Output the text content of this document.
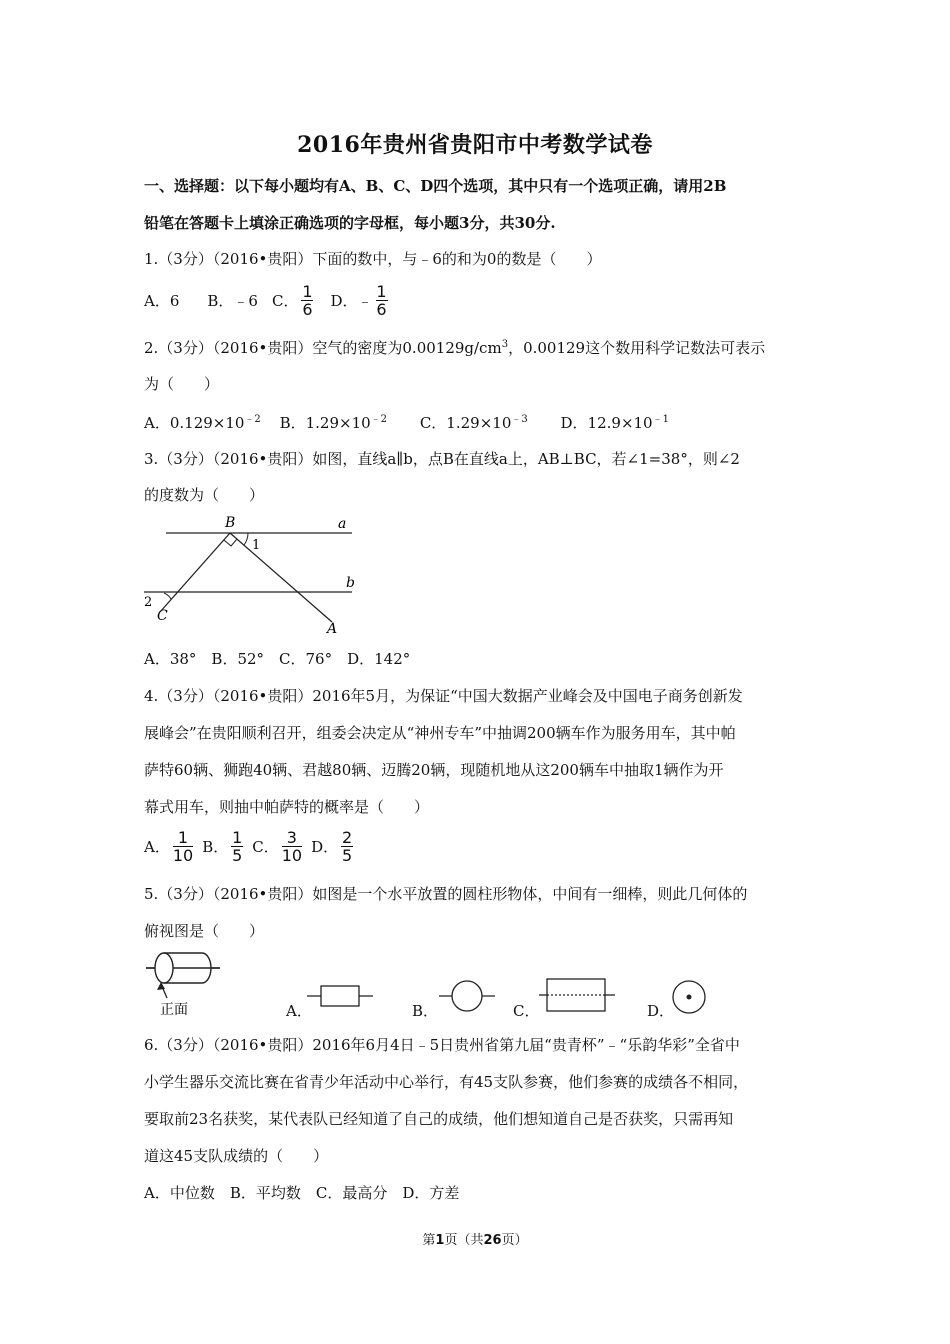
2016年贵州省贵阳市中考数学试卷
一、选择题：以下每小题均有A、B、C、D四个选项，其中只有一个选项正确，请用2B
铅笔在答题卡上填涂正确选项的字母框，每小题3分，共30分.
1.（3分）（2016•贵阳）下面的数中，与﹣6的和为0的数是（　　）
A．6 B．﹣6 C． $\frac{1}{6}$ D． ﹣ $\frac{1}{6}$
2.（3分）（2016•贵阳）空气的密度为$0.00129g/cm^3$，0.00129这个数用科学记数法可表示
为（　　）
A．$0.129\times 10^{﹣2}$ B．$1.29\times 10^{﹣2}$ C．$1.29\times 10^{﹣3}$ D．$12.9\times 10^{﹣1}$
3.（3分）（2016•贵阳）如图，直线a∥b，点B在直线a上，AB⊥BC，若∠1=38°，则∠2
的度数为（　　）
B	a
b
1
2
C
A
A．38°　B．52°　C．76°　D．142°
4.（3分）（2016•贵阳）2016年5月，为保证“中国大数据产业峰会及中国电子商务创新发
展峰会”在贵阳顺利召开，组委会决定从“神州专车”中抽调200辆车作为服务用车，其中帕
萨特60辆、狮跑40辆、君越80辆、迈腾20辆，现随机地从这200辆车中抽取1辆作为开
幕式用车，则抽中帕萨特的概率是（　　）
A． $\frac{1}{10}$ B． $\frac{1}{5}$ C． $\frac{3}{10}$ D． $\frac{2}{5}$
5.（3分）（2016•贵阳）如图是一个水平放置的圆柱形物体，中间有一细棒，则此几何体的
俯视图是（　　）
正面	A．	B．	C．	D．
6.（3分）（2016•贵阳）2016年6月4日﹣5日贵州省第九届“贵青杯”﹣“乐韵华彩”全省中
小学生器乐交流比赛在省青少年活动中心举行，有45支队参赛，他们参赛的成绩各不相同，
要取前23名获奖，某代表队已经知道了自己的成绩，他们想知道自己是否获奖，只需再知
道这45支队成绩的（　　）
A．中位数　B．平均数　C．最高分　D．方差
第1页（共26页）
